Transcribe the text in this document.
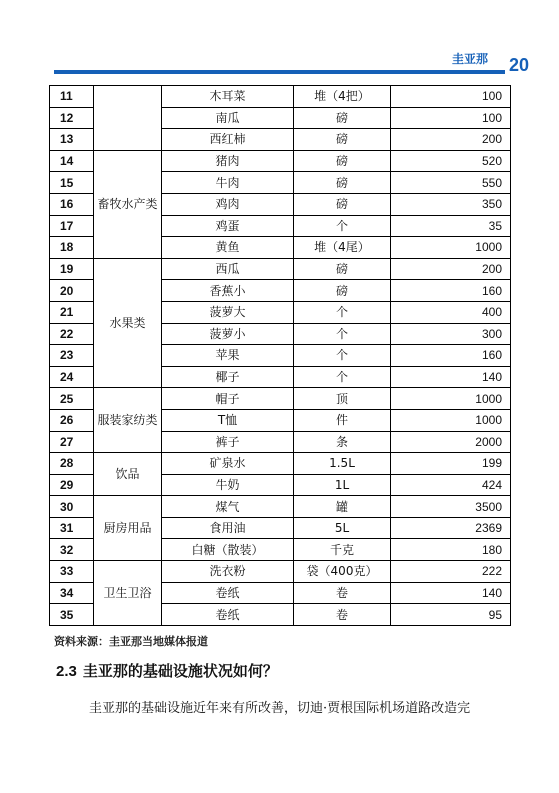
圭亚那 20
11		木耳菜	堆（4把）	100
12		南瓜	磅	100
13		西红柿	磅	200
14	畜牧水产类	猪肉	磅	520
15		牛肉	磅	550
16		鸡肉	磅	350
17		鸡蛋	个	35
18		黄鱼	堆（4尾）	1000
19	水果类	西瓜	磅	200
20		香蕉小	磅	160
21		菠萝大	个	400
22		菠萝小	个	300
23		苹果	个	160
24		椰子	个	140
25	服装家纺类	帽子	顶	1000
26		T恤	件	1000
27		裤子	条	2000
28	饮品	矿泉水	1.5L	199
29		牛奶	1L	424
30	厨房用品	煤气	罐	3500
31		食用油	5L	2369
32		白糖（散装）	千克	180
33	卫生卫浴	洗衣粉	袋（400克）	222
34		卷纸	卷	140
35		卷纸	卷	95
资料来源：圭亚那当地媒体报道
2.3 圭亚那的基础设施状况如何？
圭亚那的基础设施近年来有所改善，切迪·贾根国际机场道路改造完
